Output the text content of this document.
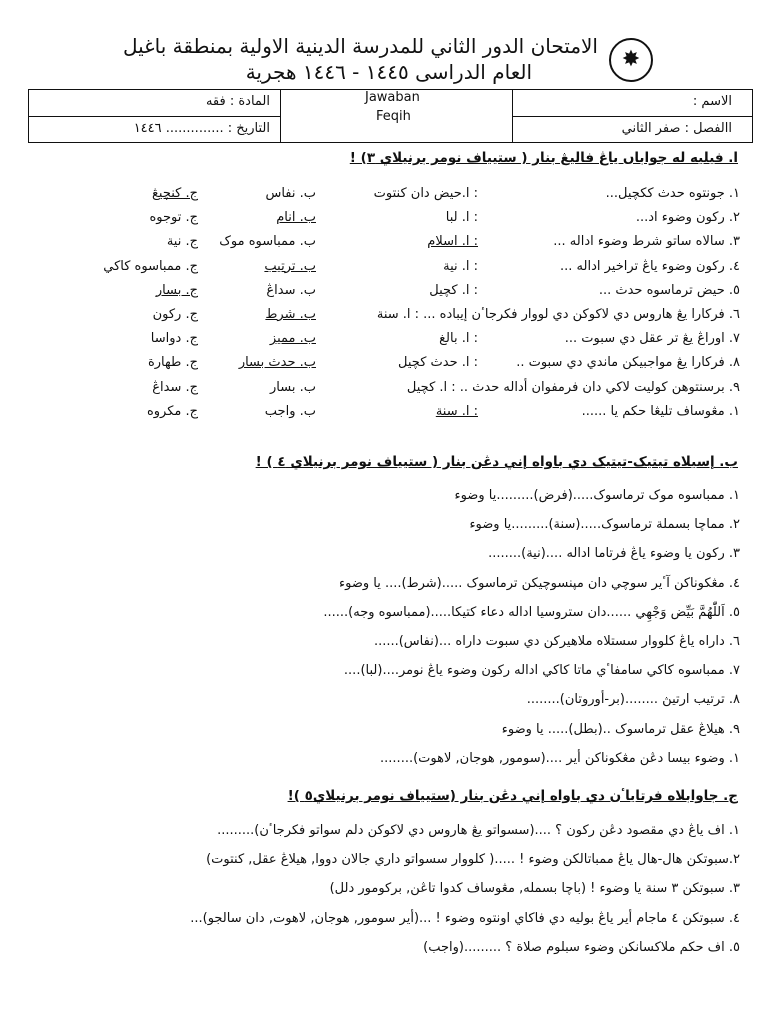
✸
الامتحان الدور الثاني للمدرسة الدينية الاولية بمنطقة باغيل
العام الدراسى ١٤٤٥ - ١٤٤٦ هجرية
الاسم :
االفصل : صفر الثاني
Jawaban
Feqih
المادة : فقه
التاريخ : .............. ١٤٤٦
ا. فيليه له جواباں ياڠ فاليڠ بنار ( ستيياف نومر برنيلاي ٣) !
١. جونتوه حدث ککچيل...
: ا.حيض دان کنتوت
ب. نفاس
ج. کنچيڠ
٢. رکون وضوء اد...
: ا. لبا
ب. انام
ج. توجوه
٣. سالاه ساتو شرط وضوء اداله ...
: ا. اسلام
ب. ممباسوه موک
ج. نية
٤. رکون وضوء ياڠ تراخير اداله ...
: ا. نية
ب. ترتيب
ج. ممباسوه کاکي
٥. حيض ترماسوه حدث ...
: ا. کچيل
ب. سداڠ
ج. بسار
٦. فرکارا يڠ هاروس دي لاکوکن دي لووار فکرجاٴن إيباده ... : ا. سنة
ب. شرط
ج. رکون
٧. اوراڠ يڠ تر عقل دي سبوت ...
: ا. بالغ
ب. مميز
ج. دواسا
٨. فرکارا يڠ مواجبيکن ماندي دي سبوت ..
: ا. حدث کچيل
ب. حدث بسار
ج. طهارة
٩. برسنتوهن کوليت لاکي دان فرمفوان أداله حدث .. : ا. کچيل
ب. بسار
ج. سداڠ
١. مڠوساف تليڠا حکم يا ......
: ا. سنة
ب. واجب
ج. مکروه
ب. إسيلاه تيتيک-تيتيک دي باواه إني دڠن بنار ( ستيياف نومر برنيلاي ٤ ) !
١. ممباسوه موک ترماسوک.....(فرض).........يا وضوء
٢. مماچا بسملة ترماسوک.....(سنة).........يا وضوء
٣. رکون يا وضوء ياڠ فرتاما اداله ....(نية)........
٤. مڠکوناکن آٴير سوچي دان مڽنسوچيکن ترماسوک .....(شرط).... يا وضوء
٥. اَللّٰهُمَّ بَيِّض وَجْهِي ......دان ستروسيا اداله دعاء کتيکا.....(ممباسوه وجه)......
٦. داراه ياڠ کلووار سستلاه ملاهيرکن دي سبوت داراه ...(نفاس)......
٧. ممباسوه کاکي سامفاٴي ماتا کاکي اداله رکون وضوء ياڠ نومر....(لبا)....
٨. ترتيب ارتيڽ ........(بر-أوروتان)........
٩. هيلاڠ عقل ترماسوک ..(بطل)..... يا وضوء
١. وضوء بيسا دڠن مڠکوناکن أير ....(سومور, هوجان, لاهوت)........
ج. جاوابلاه فرتاياٴن دي باواه إني دڠن بنار (ستيياف نومر برنيلاي٥ )!
١. اف ياڠ دي مقصود دڠن رکون ؟ ....(سسواتو يڠ هاروس دي لاکوکن دلم سواتو فکرجاٴن).........
٢.سبوتکن هال-هال ياڠ ممباتالکن وضوء ! .....( کلووار سسواتو داري جالان دووا, هيلاڠ عقل, کنتوت)
٣. سبوتکن ٣ سنة يا وضوء ! (باچا بسمله, مڠوساف کدوا تاڠن, برکومور دلل)
٤. سبوتکن ٤ ماجام أير ياڠ بوليه دي فاکاي اونتوه وضوء ! ...(أير سومور, هوجان, لاهوت, دان سالجو)...
٥. اف حکم ملاکسانکن وضوء سبلوم صلاة ؟ .........(واجب)
